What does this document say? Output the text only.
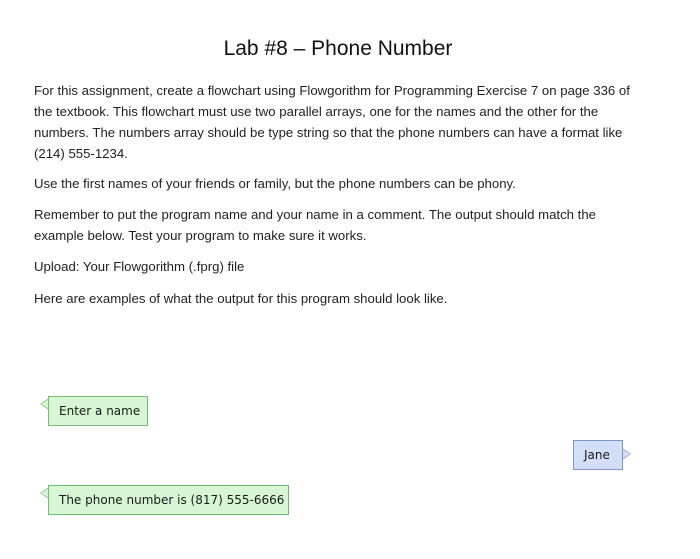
Lab #8 – Phone Number

For this assignment, create a flowchart using Flowgorithm for Programming Exercise 7 on page 336 of the textbook. This flowchart must use two parallel arrays, one for the names and the other for the numbers. The numbers array should be type string so that the phone numbers can have a format like (214) 555-1234.

Use the first names of your friends or family, but the phone numbers can be phony.

Remember to put the program name and your name in a comment. The output should match the example below. Test your program to make sure it works.

Upload: Your Flowgorithm (.fprg) file

Here are examples of what the output for this program should look like.

Enter a name
Jane
The phone number is (817) 555-6666
